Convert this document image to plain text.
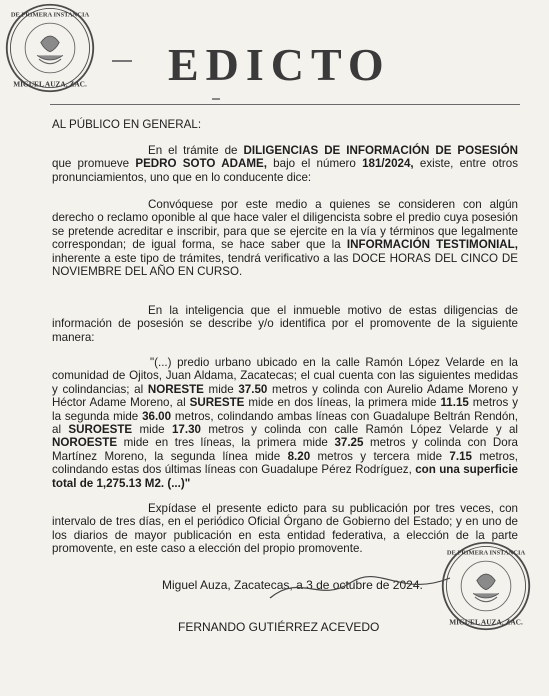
DE PRIMERA INSTANCIA
MIGUEL AUZA, ZAC. EDICTO

AL PÚBLICO EN GENERAL:

En el trámite de DILIGENCIAS DE INFORMACIÓN DE POSESIÓN que promueve PEDRO SOTO ADAME, bajo el número 181/2024, existe, entre otros pronunciamientos, uno que en lo conducente dice:

Convóquese por este medio a quienes se consideren con algún derecho o reclamo oponible al que hace valer el diligencista sobre el predio cuya posesión se pretende acreditar e inscribir, para que se ejercite en la vía y términos que legalmente correspondan; de igual forma, se hace saber que la INFORMACIÓN TESTIMONIAL, inherente a este tipo de trámites, tendrá verificativo a las DOCE HORAS DEL CINCO DE NOVIEMBRE DEL AÑO EN CURSO.

En la inteligencia que el inmueble motivo de estas diligencias de información de posesión se describe y/o identifica por el promovente de la siguiente manera:

"(...) predio urbano ubicado en la calle Ramón López Velarde en la comunidad de Ojitos, Juan Aldama, Zacatecas; el cual cuenta con las siguientes medidas y colindancias; al NORESTE mide 37.50 metros y colinda con Aurelio Adame Moreno y Héctor Adame Moreno, al SURESTE mide en dos líneas, la primera mide 11.15 metros y la segunda mide 36.00 metros, colindando ambas líneas con Guadalupe Beltrán Rendón, al SUROESTE mide 17.30 metros y colinda con calle Ramón López Velarde y al NOROESTE mide en tres líneas, la primera mide 37.25 metros y colinda con Dora Martínez Moreno, la segunda línea mide 8.20 metros y tercera mide 7.15 metros, colindando estas dos últimas líneas con Guadalupe Pérez Rodríguez, con una superficie total de 1,275.13 M2. (...)"

Expídase el presente edicto para su publicación por tres veces, con intervalo de tres días, en el periódico Oficial Órgano de Gobierno del Estado; y en uno de los diarios de mayor publicación en esta entidad federativa, a elección de la parte promovente, en este caso a elección del propio promovente.

Miguel Auza, Zacatecas, a 3 de octubre de 2024.

FERNANDO GUTIÉRREZ ACEVEDO

DE PRIMERA INSTANCIA
MIGUEL AUZA, ZAC.
